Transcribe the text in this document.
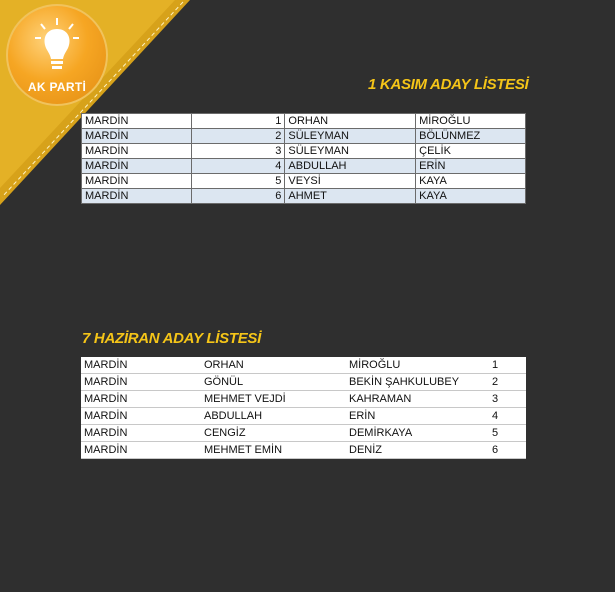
AK PARTİ	1 KASIM ADAY LİSTESİ
MARDİN	1	ORHAN	MİROĞLU
MARDİN	2	SÜLEYMAN	BÖLÜNMEZ
MARDİN	3	SÜLEYMAN	ÇELİK
MARDİN	4	ABDULLAH	ERİN
MARDİN	5	VEYSİ	KAYA
MARDİN	6	AHMET	KAYA
7 HAZİRAN ADAY LİSTESİ
MARDİN	ORHAN	MİROĞLU	1
MARDİN	GÖNÜL	BEKİN ŞAHKULUBEY	2
MARDİN	MEHMET VEJDİ	KAHRAMAN	3
MARDİN	ABDULLAH	ERİN	4
MARDİN	CENGİZ	DEMİRKAYA	5
MARDİN	MEHMET EMİN	DENİZ	6
